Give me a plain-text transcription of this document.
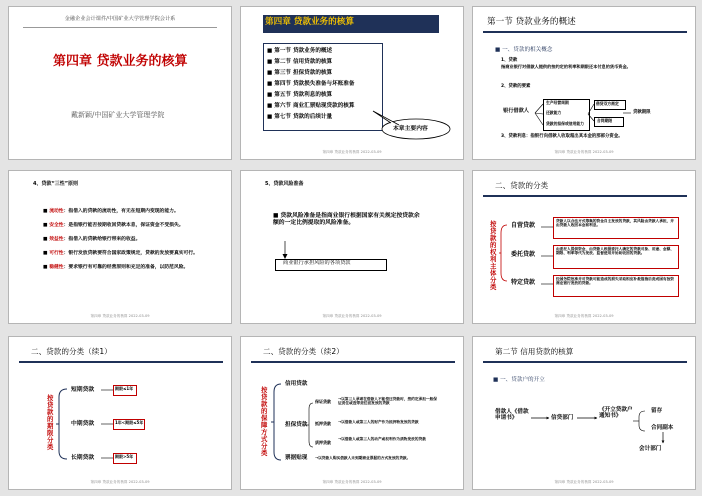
金融企业会计课件/中国矿业大学管理学院会计系
第四章 贷款业务的核算
戴新颖/中国矿业大学管理学院
第四章 贷款业务的核算
■ 第一节 贷款业务的概述
■ 第二节 信用贷款的核算
■ 第三节 担保贷款的核算
■ 第四节 贷款损失准备与坏账准备
■ 第五节 贷款利息的核算
■ 第六节 商业汇票贴现贷款的核算
■ 第七节 贷款的后续计量
本章主要内容
第四章 贷款业务的核算 2022-03-09
第一节 贷款业务的概述
■ 一、贷款的相关概念
1、贷款
指商业银行对借款人提供的按约定的利率和期限还本付息的货币资金。
2、贷款的要素
银行借款人
生产经营周期
还款能力
贷款的担保或信用能力
借贷双方商定
合同期限
贷款期限
3、贷款利息：指银行向借款人收取超出其本金的那部分资金。
第四章 贷款业务的核算 2022-03-09
4、贷款“三性”原则
■ 流动性：指借入的贷款的流动性，有无在短期内变现的能力。
■ 安全性：是指银行能否按期收回贷款本息，保证资金不受损失。
■ 效益性：指借入的贷款给银行带来的收益。
■ 可行性：银行发放贷款要符合国家政策规定，贷款的发放要真实可行。
■ 稳健性：要求银行有可靠的经营原则和充足的准备，以防范风险。
第四章 贷款业务的核算 2022-03-09
5、贷款风险准备
■ 贷款风险准备是指商业银行根据国家有关规定按贷款余额的一定比例提取的风险准备。
商业银行承担风险的各项贷款
第四章 贷款业务的核算 2022-03-09
二、贷款的分类
按贷款的权利主体分类
自营贷款
委托贷款
特定贷款
贷款人以合法方式筹集的资金自主发放的贷款，其风险由贷款人承担，并由贷款人收回本金和利息。
由委托人提供资金，由贷款人根据委托人确定的贷款对象、用途、金额、期限、利率等代为发放、监督使用并协助收回的贷款。
经国务院批准并对贷款可能造成的损失采取相应补救措施后责成国有独资商业银行发放的贷款。
第四章 贷款业务的核算 2022-03-09
二、贷款的分类（续1）
按贷款的期限分类
短期贷款
中期贷款
长期贷款
期限≤1年
1年<期限≤5年
期限>5年
第四章 贷款业务的核算 2022-03-09
二、贷款的分类（续2）
按贷款的保障方式分类
信用贷款
担保贷款
票据贴现
保证贷款
抵押贷款
质押贷款
→以第三人承诺在借款人不能偿还贷款时，按约定承担一般保证责任或连带责任而发放的贷款
→以借款人或第三人的财产作为抵押物发放的贷款
→以借款人或第三人的动产或权利作为质物发放的贷款
→以贷款人购买借款人未到期商业票据的方式发放的贷款。
第四章 贷款业务的核算 2022-03-09
第二节 信用贷款的核算
■ 一、贷款户的开立
借款人《借款申请书》	信贷部门
《开立贷款户通知书》
留存
合同副本
会计部门
第四章 贷款业务的核算 2022-03-09
